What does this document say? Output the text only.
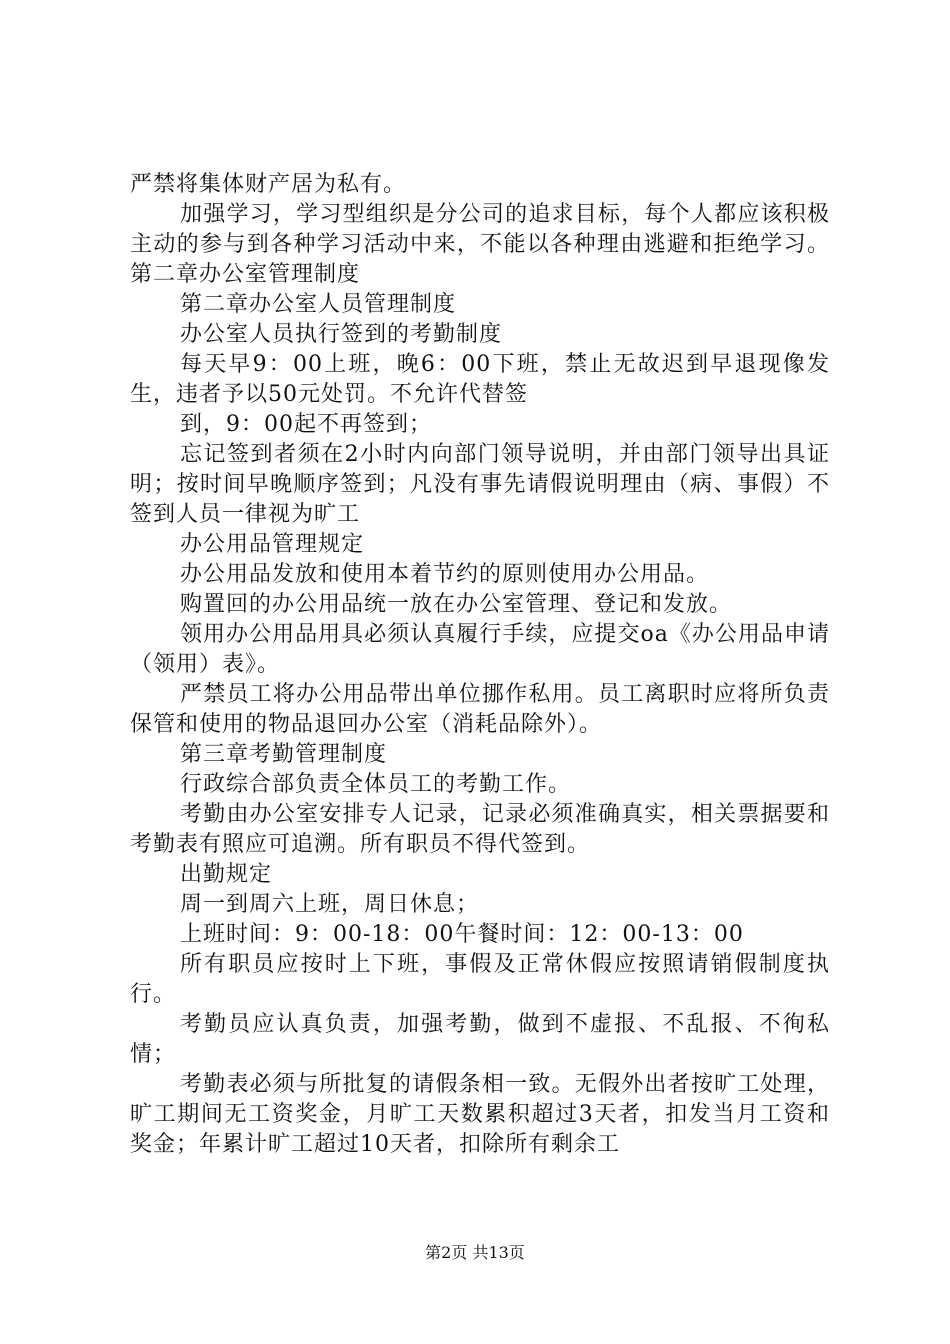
严禁将集体财产居为私有。

加强学习，学习型组织是分公司的追求目标，每个人都应该积极主动的参与到各种学习活动中来，不能以各种理由逃避和拒绝学习。第二章办公室管理制度

第二章办公室人员管理制度

办公室人员执行签到的考勤制度

每天早9：00上班，晚6：00下班，禁止无故迟到早退现像发生，违者予以50元处罚。不允许代替签

到，9：00起不再签到；

忘记签到者须在2小时内向部门领导说明，并由部门领导出具证明；按时间早晚顺序签到；凡没有事先请假说明理由（病、事假）不签到人员一律视为旷工

办公用品管理规定

办公用品发放和使用本着节约的原则使用办公用品。

购置回的办公用品统一放在办公室管理、登记和发放。

领用办公用品用具必须认真履行手续，应提交oa《办公用品申请（领用）表》。

严禁员工将办公用品带出单位挪作私用。员工离职时应将所负责保管和使用的物品退回办公室（消耗品除外）。

第三章考勤管理制度

行政综合部负责全体员工的考勤工作。

考勤由办公室安排专人记录，记录必须准确真实，相关票据要和考勤表有照应可追溯。所有职员不得代签到。

出勤规定

周一到周六上班，周日休息；

上班时间：9：00-18：00午餐时间：12：00-13：00

所有职员应按时上下班，事假及正常休假应按照请销假制度执行。

考勤员应认真负责，加强考勤，做到不虚报、不乱报、不徇私情；

考勤表必须与所批复的请假条相一致。无假外出者按旷工处理，旷工期间无工资奖金，月旷工天数累积超过3天者，扣发当月工资和奖金；年累计旷工超过10天者，扣除所有剩余工

第2页 共13页
